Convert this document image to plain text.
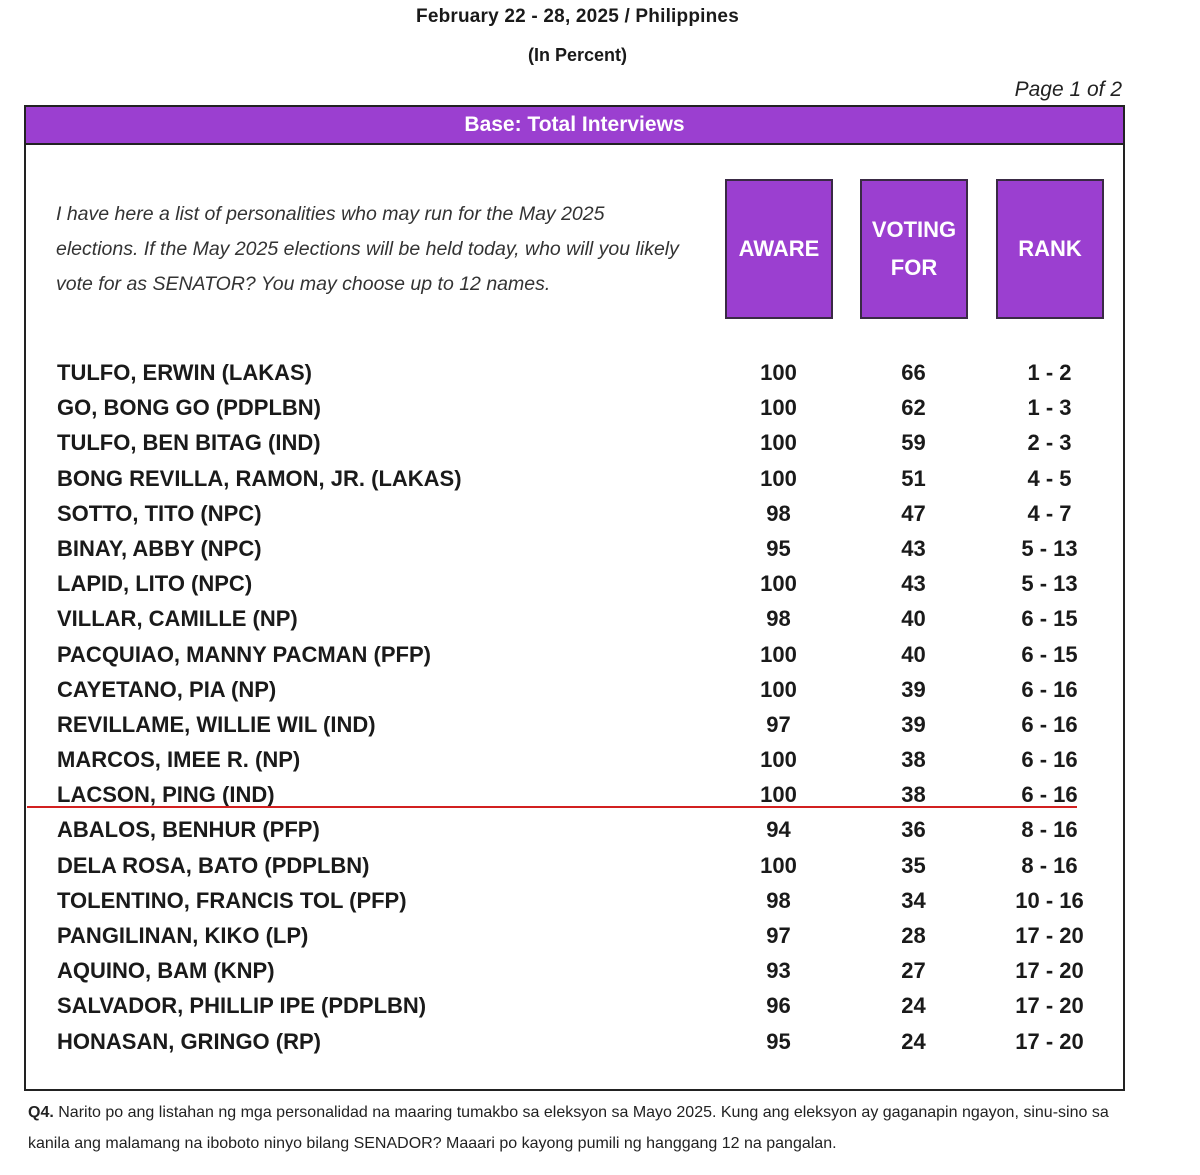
February 22 - 28, 2025 / Philippines
(In Percent)
Page 1 of 2
Base: Total Interviews
I have here a list of personalities who may run for the May 2025 elections. If the May 2025 elections will be held today, who will you likely vote for as SENATOR? You may choose up to 12 names.
AWARE
VOTING
FOR
RANK
TULFO, ERWIN (LAKAS)	100	66	1 - 2
GO, BONG GO (PDPLBN)	100	62	1 - 3
TULFO, BEN BITAG (IND)	100	59	2 - 3
BONG REVILLA, RAMON, JR. (LAKAS)	100	51	4 - 5
SOTTO, TITO (NPC)	98	47	4 - 7
BINAY, ABBY (NPC)	95	43	5 - 13
LAPID, LITO (NPC)	100	43	5 - 13
VILLAR, CAMILLE (NP)	98	40	6 - 15
PACQUIAO, MANNY PACMAN (PFP)	100	40	6 - 15
CAYETANO, PIA (NP)	100	39	6 - 16
REVILLAME, WILLIE WIL (IND)	97	39	6 - 16
MARCOS, IMEE R. (NP)	100	38	6 - 16
LACSON, PING (IND)	100	38	6 - 16
ABALOS, BENHUR (PFP)	94	36	8 - 16
DELA ROSA, BATO (PDPLBN)	100	35	8 - 16
TOLENTINO, FRANCIS TOL (PFP)	98	34	10 - 16
PANGILINAN, KIKO (LP)	97	28	17 - 20
AQUINO, BAM (KNP)	93	27	17 - 20
SALVADOR, PHILLIP IPE (PDPLBN)	96	24	17 - 20
HONASAN, GRINGO (RP)	95	24	17 - 20
Q4. Narito po ang listahan ng mga personalidad na maaring tumakbo sa eleksyon sa Mayo 2025. Kung ang eleksyon ay gaganapin ngayon, sinu-sino sa kanila ang malamang na iboboto ninyo bilang SENADOR? Maaari po kayong pumili ng hanggang 12 na pangalan.
